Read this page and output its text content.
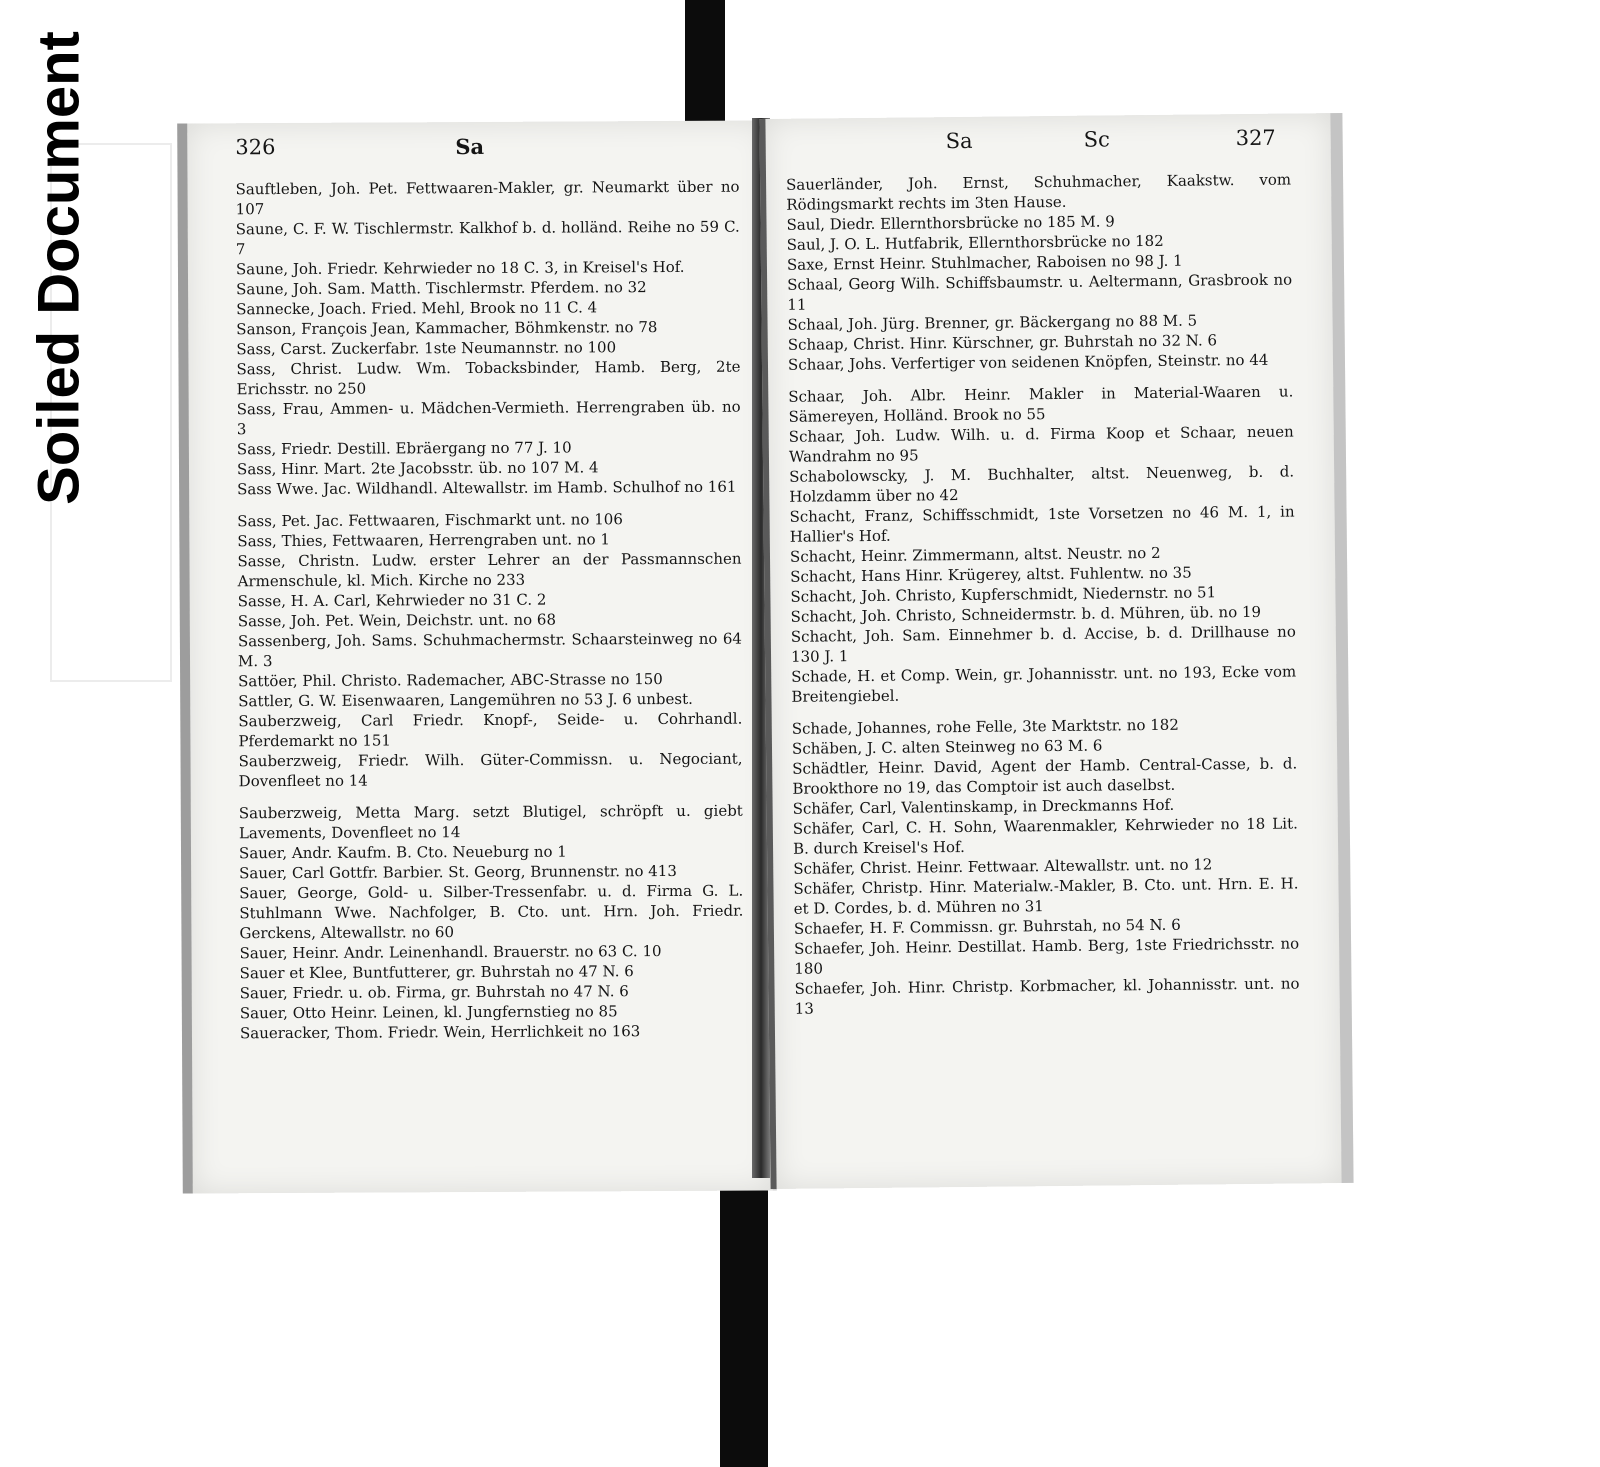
Soiled Document	326	Sa
Sauftleben, Joh. Pet. Fettwaaren-Makler, gr. Neumarkt über no 107
Saune, C. F. W. Tischlermstr. Kalkhof b. d. holländ. Reihe no 59 C. 7
Saune, Joh. Friedr. Kehrwieder no 18 C. 3, in Kreisel's Hof.
Saune, Joh. Sam. Matth. Tischlermstr. Pferdem. no 32
Sannecke, Joach. Fried. Mehl, Brook no 11 C. 4
Sanson, François Jean, Kammacher, Böhmkenstr. no 78
Sass, Carst. Zuckerfabr. 1ste Neumannstr. no 100
Sass, Christ. Ludw. Wm. Tobacksbinder, Hamb. Berg, 2te Erichsstr. no 250
Sass, Frau, Ammen- u. Mädchen-Vermieth. Herrengraben üb. no 3
Sass, Friedr. Destill. Ebräergang no 77 J. 10
Sass, Hinr. Mart. 2te Jacobsstr. üb. no 107 M. 4
Sass Wwe. Jac. Wildhandl. Altewallstr. im Hamb. Schulhof no 161
Sass, Pet. Jac. Fettwaaren, Fischmarkt unt. no 106
Sass, Thies, Fettwaaren, Herrengraben unt. no 1
Sasse, Christn. Ludw. erster Lehrer an der Passmannschen Armenschule, kl. Mich. Kirche no 233
Sasse, H. A. Carl, Kehrwieder no 31 C. 2
Sasse, Joh. Pet. Wein, Deichstr. unt. no 68
Sassenberg, Joh. Sams. Schuhmachermstr. Schaarsteinweg no 64 M. 3
Sattöer, Phil. Christo. Rademacher, ABC-Strasse no 150
Sattler, G. W. Eisenwaaren, Langemühren no 53 J. 6 unbest.
Sauberzweig, Carl Friedr. Knopf-, Seide- u. Cohrhandl. Pferdemarkt no 151
Sauberzweig, Friedr. Wilh. Güter-Commissn. u. Negociant, Dovenfleet no 14
Sauberzweig, Metta Marg. setzt Blutigel, schröpft u. giebt Lavements, Dovenfleet no 14
Sauer, Andr. Kaufm. B. Cto. Neueburg no 1
Sauer, Carl Gottfr. Barbier. St. Georg, Brunnenstr. no 413
Sauer, George, Gold- u. Silber-Tressenfabr. u. d. Firma G. L. Stuhlmann Wwe. Nachfolger, B. Cto. unt. Hrn. Joh. Friedr. Gerckens, Altewallstr. no 60
Sauer, Heinr. Andr. Leinenhandl. Brauerstr. no 63 C. 10
Sauer et Klee, Buntfutterer, gr. Buhrstah no 47 N. 6
Sauer, Friedr. u. ob. Firma, gr. Buhrstah no 47 N. 6
Sauer, Otto Heinr. Leinen, kl. Jungfernstieg no 85
Saueracker, Thom. Friedr. Wein, Herrlichkeit no 163
Sa	Sc	327
Sauerländer, Joh. Ernst, Schuhmacher, Kaakstw. vom Rödingsmarkt rechts im 3ten Hause.
Saul, Diedr. Ellernthorsbrücke no 185 M. 9
Saul, J. O. L. Hutfabrik, Ellernthorsbrücke no 182
Saxe, Ernst Heinr. Stuhlmacher, Raboisen no 98 J. 1
Schaal, Georg Wilh. Schiffsbaumstr. u. Aeltermann, Grasbrook no 11
Schaal, Joh. Jürg. Brenner, gr. Bäckergang no 88 M. 5
Schaap, Christ. Hinr. Kürschner, gr. Buhrstah no 32 N. 6
Schaar, Johs. Verfertiger von seidenen Knöpfen, Steinstr. no 44
Schaar, Joh. Albr. Heinr. Makler in Material-Waaren u. Sämereyen, Holländ. Brook no 55
Schaar, Joh. Ludw. Wilh. u. d. Firma Koop et Schaar, neuen Wandrahm no 95
Schabolowscky, J. M. Buchhalter, altst. Neuenweg, b. d. Holzdamm über no 42
Schacht, Franz, Schiffsschmidt, 1ste Vorsetzen no 46 M. 1, in Hallier's Hof.
Schacht, Heinr. Zimmermann, altst. Neustr. no 2
Schacht, Hans Hinr. Krügerey, altst. Fuhlentw. no 35
Schacht, Joh. Christo, Kupferschmidt, Niedernstr. no 51
Schacht, Joh. Christo, Schneidermstr. b. d. Mühren, üb. no 19
Schacht, Joh. Sam. Einnehmer b. d. Accise, b. d. Drillhause no 130 J. 1
Schade, H. et Comp. Wein, gr. Johannisstr. unt. no 193, Ecke vom Breitengiebel.
Schade, Johannes, rohe Felle, 3te Marktstr. no 182
Schäben, J. C. alten Steinweg no 63 M. 6
Schädtler, Heinr. David, Agent der Hamb. Central-Casse, b. d. Brookthore no 19, das Comptoir ist auch daselbst.
Schäfer, Carl, Valentinskamp, in Dreckmanns Hof.
Schäfer, Carl, C. H. Sohn, Waarenmakler, Kehrwieder no 18 Lit. B. durch Kreisel's Hof.
Schäfer, Christ. Heinr. Fettwaar. Altewallstr. unt. no 12
Schäfer, Christp. Hinr. Materialw.-Makler, B. Cto. unt. Hrn. E. H. et D. Cordes, b. d. Mühren no 31
Schaefer, H. F. Commissn. gr. Buhrstah, no 54 N. 6
Schaefer, Joh. Heinr. Destillat. Hamb. Berg, 1ste Friedrichsstr. no 180
Schaefer, Joh. Hinr. Christp. Korbmacher, kl. Johannisstr. unt. no 13
